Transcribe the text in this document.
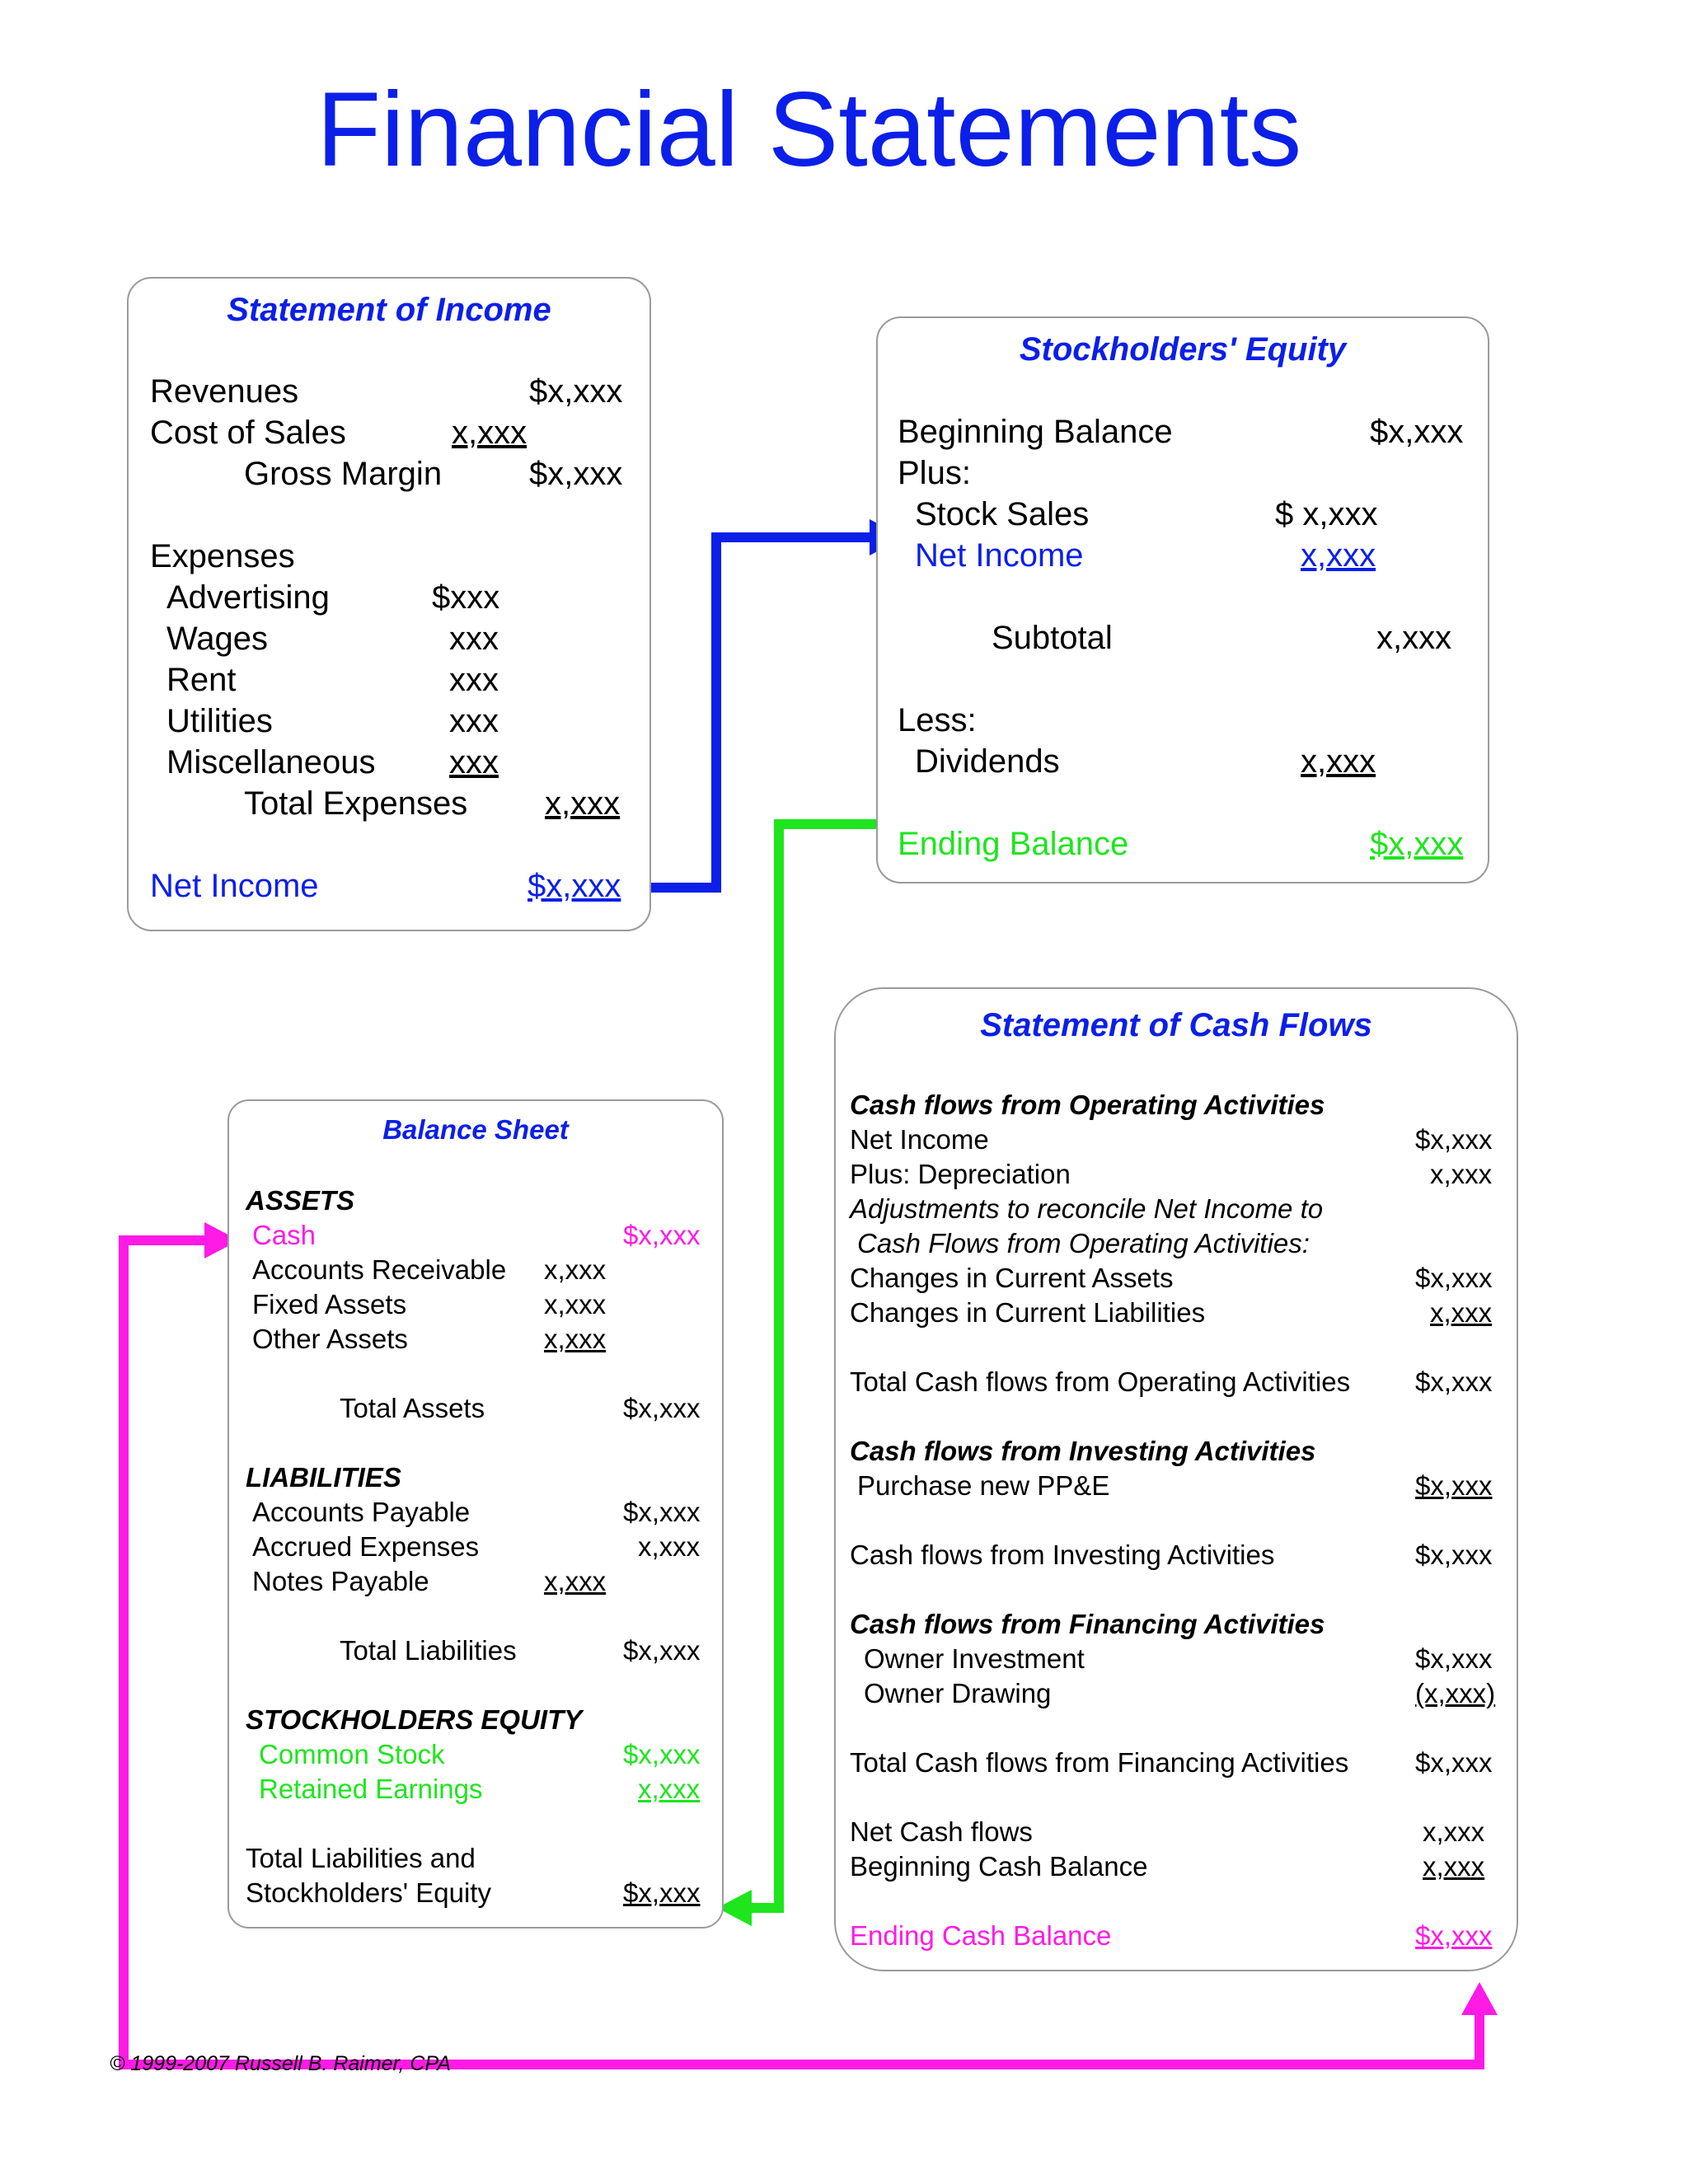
Financial Statements
Statement of Income
Revenues	$x,xxx
Cost of Sales	x,xxx
Gross Margin	$x,xxx
Expenses
Advertising	$xxx
Wages	xxx
Rent	xxx
Utilities	xxx
Miscellaneous xxx
Total Expenses x,xxx
Net Income	$x,xxx
Stockholders' Equity
Beginning Balance	$x,xxx
Plus:
Stock Sales	$ x,xxx
Net Income	x,xxx
Subtotal	x,xxx
Less:
Dividends	x,xxx
Ending Balance	$x,xxx
Balance Sheet
ASSETS
Cash	$x,xxx
Accounts Receivable x,xxx
Fixed Assets	x,xxx
Other Assets	x,xxx
Total Assets	$x,xxx
LIABILITIES
Accounts Payable	$x,xxx
Accrued Expenses	x,xxx
Notes Payable	x,xxx
Total Liabilities	$x,xxx
STOCKHOLDERS EQUITY
Common Stock	$x,xxx
Retained Earnings	x,xxx
Total Liabilities and
Stockholders' Equity	$x,xxx
Statement of Cash Flows
Cash flows from Operating Activities
Net Income	$x,xxx
Plus: Depreciation	x,xxx
Adjustments to reconcile Net Income to
Cash Flows from Operating Activities:
Changes in Current Assets	$x,xxx
Changes in Current Liabilities	x,xxx
Total Cash flows from Operating Activities $x,xxx
Cash flows from Investing Activities
Purchase new PP&E	$x,xxx
Cash flows from Investing Activities	$x,xxx
Cash flows from Financing Activities
Owner Investment	$x,xxx
Owner Drawing	(x,xxx)
Total Cash flows from Financing Activities $x,xxx
Net Cash flows	x,xxx
Beginning Cash Balance	x,xxx
Ending Cash Balance	$x,xxx
© 1999-2007 Russell B. Raimer, CPA
